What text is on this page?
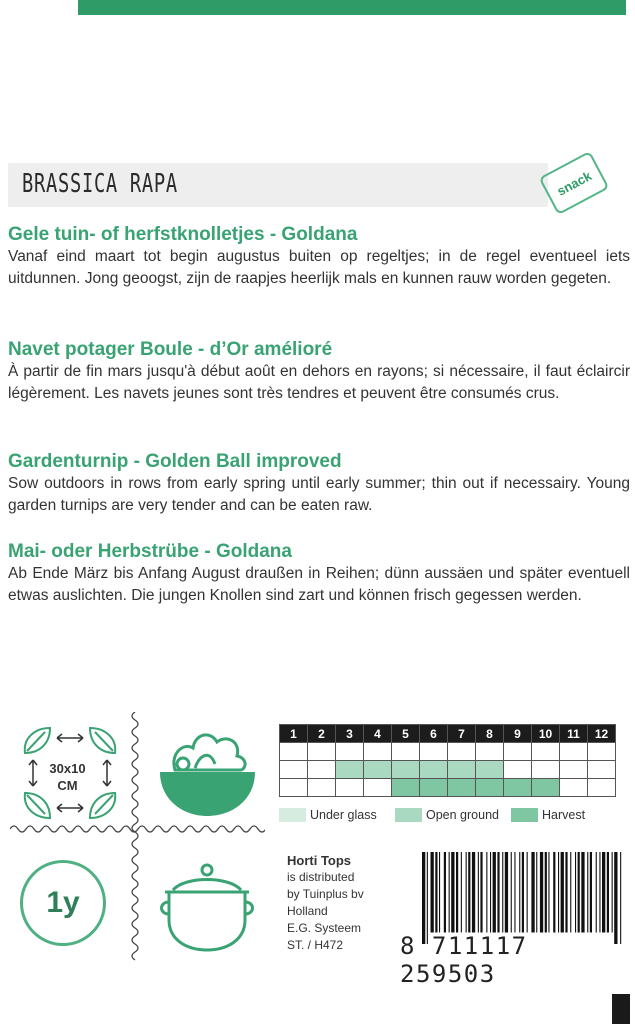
BRASSICA RAPA	snack

Gele tuin- of herfstknolletjes - Goldana

Vanaf eind maart tot begin augustus buiten op regeltjes; in de regel eventueel iets uitdunnen. Jong geoogst, zijn de raapjes heerlijk mals en kunnen rauw worden gegeten.

Navet potager Boule - d’Or amélioré

À partir de fin mars jusqu'à début août en dehors en rayons; si nécessaire, il faut éclaircir légèrement. Les navets jeunes sont très tendres et peuvent être consumés crus.

Gardenturnip - Golden Ball improved

Sow outdoors in rows from early spring until early summer; thin out if necessairy. Young garden turnips are very tender and can be eaten raw.

Mai- oder Herbstrübe - Goldana

Ab Ende März bis Anfang August draußen in Reihen; dünn aussäen und später eventuell etwas auslichten. Die jungen Knollen sind zart und können frisch gegessen werden.

30x10
CM
1y
1	2	3	4	5	6	7	8	9	10	11	12

Under glass	Open ground	Harvest
Horti Tops
is distributed
by Tuinplus bv
Holland
E.G. Systeem
ST. / H472	8 711117 259503
